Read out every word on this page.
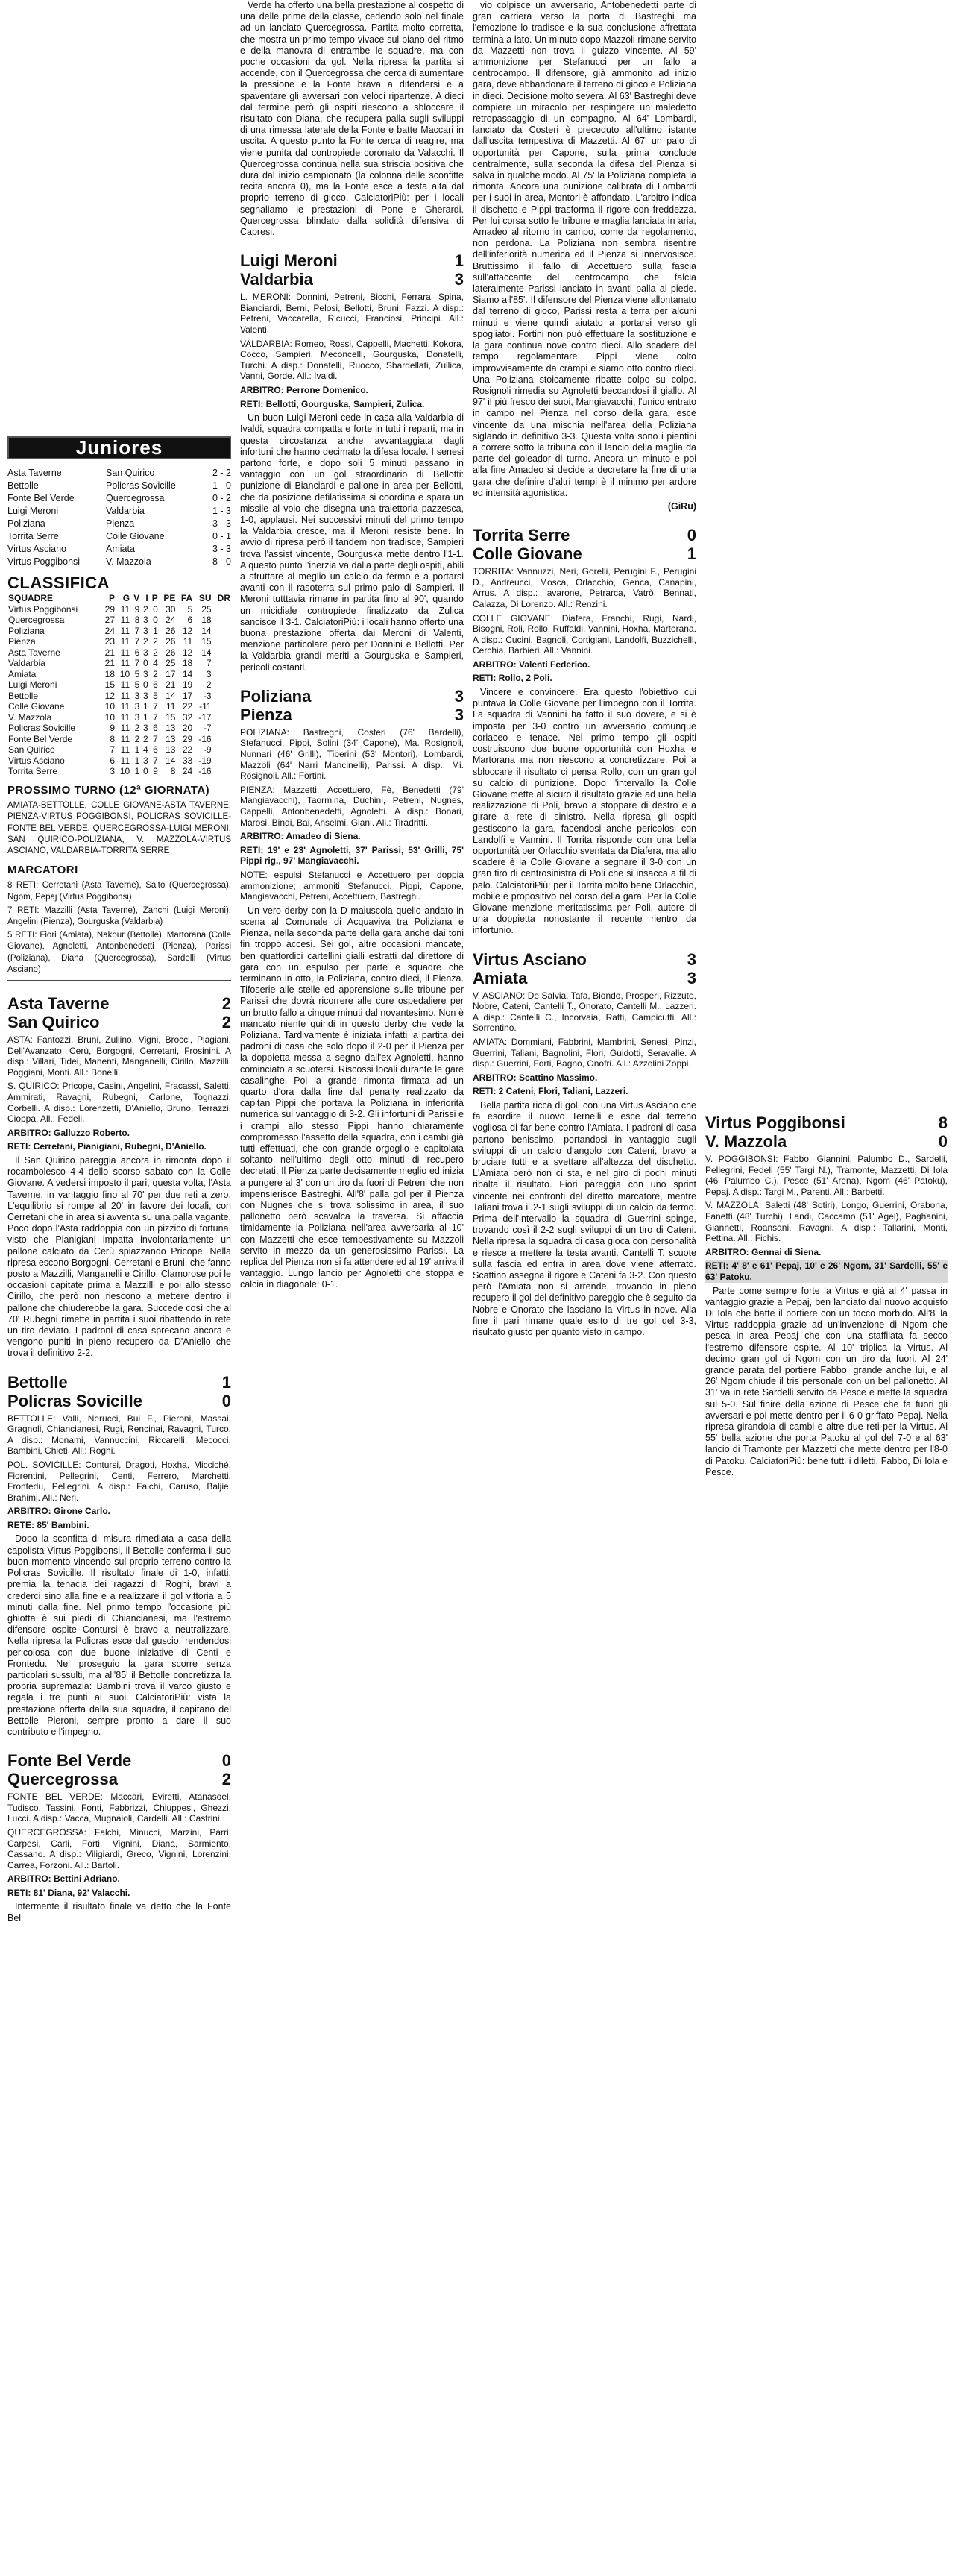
Juniores
Asta Taverne	San Quirico	2 - 2
Bettolle	Policras Sovicille	1 - 0
Fonte Bel Verde	Quercegrossa	0 - 2
Luigi Meroni	Valdarbia	1 - 3
Poliziana	Pienza	3 - 3
Torrita Serre	Colle Giovane	0 - 1
Virtus Asciano	Amiata	3 - 3
Virtus Poggibonsi	V. Mazzola	8 - 0
CLASSIFICA
SQUADRE	P	G	V	I	P	PE	FA	SU	DR
Virtus Poggibonsi	29	11	9	2	0	30	5	25	
Quercegrossa	27	11	8	3	0	24	6	18	
Poliziana	24	11	7	3	1	26	12	14	
Pienza	23	11	7	2	2	26	11	15	
Asta Taverne	21	11	6	3	2	26	12	14	
Valdarbia	21	11	7	0	4	25	18	7	
Amiata	18	10	5	3	2	17	14	3	
Luigi Meroni	15	11	5	0	6	21	19	2	
Bettolle	12	11	3	3	5	14	17	-3	
Colle Giovane	10	11	3	1	7	11	22	-11	
V. Mazzola	10	11	3	1	7	15	32	-17	
Policras Sovicille	9	11	2	3	6	13	20	-7	
Fonte Bel Verde	8	11	2	2	7	13	29	-16	
San Quirico	7	11	1	4	6	13	22	-9	
Virtus Asciano	6	11	1	3	7	14	33	-19	
Torrita Serre	3	10	1	0	9	8	24	-16	
PROSSIMO TURNO (12ª GIORNATA)

AMIATA-BETTOLLE, COLLE GIOVANE-ASTA TAVERNE, PIENZA-VIRTUS POGGIBONSI, POLICRAS SOVICILLE-FONTE BEL VERDE, QUERCEGROSSA-LUIGI MERONI, SAN QUIRICO-POLIZIANA, V. MAZZOLA-VIRTUS ASCIANO, VALDARBIA-TORRITA SERRE

MARCATORI

8 RETI: Cerretani (Asta Taverne), Salto (Quercegrossa), Ngom, Pepaj (Virtus Poggibonsi)

7 RETI: Mazzilli (Asta Taverne), Zanchi (Luigi Meroni), Angelini (Pienza), Gourguska (Valdarbia)

5 RETI: Fiori (Amiata), Nakour (Bettolle), Martorana (Colle Giovane), Agnoletti, Antonbenedetti (Pienza), Parissi (Poliziana), Diana (Quercegrossa), Sardelli (Virtus Asciano)

Asta Taverne	2
San Quirico	2

ASTA: Fantozzi, Bruni, Zullino, Vigni, Brocci, Plagiani, Dell'Avanzato, Cerù, Borgogni, Cerretani, Frosinini. A disp.: Villari, Tidei, Manenti, Manganelli, Cirillo, Mazzilli, Poggiani, Monti. All.: Bonelli.

S. QUIRICO: Pricope, Casini, Angelini, Fracassi, Saletti, Ammirati, Ravagni, Rubegni, Carlone, Tognazzi, Corbelli. A disp.: Lorenzetti, D'Aniello, Bruno, Terrazzi, Cioppa. All.: Fedeli.

ARBITRO: Galluzzo Roberto.

RETI: Cerretani, Pianigiani, Rubegni, D'Aniello.

Il San Quirico pareggia ancora in rimonta dopo il rocambolesco 4-4 dello scorso sabato con la Colle Giovane. A vedersi imposto il pari, questa volta, l'Asta Taverne, in vantaggio fino al 70' per due reti a zero. L'equilibrio si rompe al 20' in favore dei locali, con Cerretani che in area si avventa su una palla vagante. Poco dopo l'Asta raddoppia con un pizzico di fortuna, visto che Pianigiani impatta involontariamente un pallone calciato da Cerù spiazzando Pricope. Nella ripresa escono Borgogni, Cerretani e Bruni, che fanno posto a Mazzilli, Manganelli e Cirillo. Clamorose poi le occasioni capitate prima a Mazzilli e poi allo stesso Cirillo, che però non riescono a mettere dentro il pallone che chiuderebbe la gara. Succede così che al 70' Rubegni rimette in partita i suoi ribattendo in rete un tiro deviato. I padroni di casa sprecano ancora e vengono puniti in pieno recupero da D'Aniello che trova il definitivo 2-2.

Bettolle	1
Policras Sovicille	0

BETTOLLE: Valli, Nerucci, Bui F., Pieroni, Massai, Gragnoli, Chiancianesi, Rugi, Rencinai, Ravagni, Turco. A disp.: Monami, Vannuccini, Riccarelli, Mecocci, Bambini, Chieti. All.: Roghi.

POL. SOVICILLE: Contursi, Dragoti, Hoxha, Micciché, Fiorentini, Pellegrini, Centi, Ferrero, Marchetti, Frontedu, Pellegrini. A disp.: Falchi, Caruso, Baljie, Brahimi. All.: Neri.

ARBITRO: Girone Carlo.

RETE: 85' Bambini.

Dopo la sconfitta di misura rimediata a casa della capolista Virtus Poggibonsi, il Bettolle conferma il suo buon momento vincendo sul proprio terreno contro la Policras Sovicille. Il risultato finale di 1-0, infatti, premia la tenacia dei ragazzi di Roghi, bravi a crederci sino alla fine e a realizzare il gol vittoria a 5 minuti dalla fine. Nel primo tempo l'occasione più ghiotta è sui piedi di Chiancianesi, ma l'estremo difensore ospite Contursi è bravo a neutralizzare. Nella ripresa la Policras esce dal guscio, rendendosi pericolosa con due buone iniziative di Centi e Frontedu. Nel proseguio la gara scorre senza particolari sussulti, ma all'85' il Bettolle concretizza la propria supremazia: Bambini trova il varco giusto e regala i tre punti ai suoi. CalciatoriPiù: vista la prestazione offerta dalla sua squadra, il capitano del Bettolle Pieroni, sempre pronto a dare il suo contributo e l'impegno.

Fonte Bel Verde	0
Quercegrossa	2

FONTE BEL VERDE: Maccari, Eviretti, Atanasoel, Tudisco, Tassini, Fonti, Fabbrizzi, Chiuppesi, Ghezzi, Lucci. A disp.: Vacca, Mugnaioli, Cardelli. All.: Castrini.

QUERCEGROSSA: Falchi, Minucci, Marzini, Parri, Carpesi, Carli, Forti, Vignini, Diana, Sarmiento, Cassano. A disp.: Viligiardi, Greco, Vignini, Lorenzini, Carrea, Forzoni. All.: Bartoli.

ARBITRO: Bettini Adriano.

RETI: 81' Diana, 92' Valacchi.

Intermente il risultato finale va detto che la Fonte Bel

Verde ha offerto una bella prestazione al cospetto di una delle prime della classe, cedendo solo nel finale ad un lanciato Quercegrossa. Partita molto corretta, che mostra un primo tempo vivace sul piano del ritmo e della manovra di entrambe le squadre, ma con poche occasioni da gol. Nella ripresa la partita si accende, con il Quercegrossa che cerca di aumentare la pressione e la Fonte brava a difendersi e a spaventare gli avversari con veloci ripartenze. A dieci dal termine però gli ospiti riescono a sbloccare il risultato con Diana, che recupera palla sugli sviluppi di una rimessa laterale della Fonte e batte Maccari in uscita. A questo punto la Fonte cerca di reagire, ma viene punita dal contropiede coronato da Valacchi. Il Quercegrossa continua nella sua striscia positiva che dura dal inizio campionato (la colonna delle sconfitte recita ancora 0), ma la Fonte esce a testa alta dal proprio terreno di gioco. CalciatoriPiù: per i locali segnaliamo le prestazioni di Pone e Gherardi. Quercegrossa blindato dalla solidità difensiva di Capresi.

Luigi Meroni	1
Valdarbia	3

L. MERONI: Donnini, Petreni, Bicchi, Ferrara, Spina, Bianciardi, Berni, Pelosi, Bellotti, Bruni, Fazzi. A disp.: Petreni, Vaccarella, Ricucci, Franciosi, Principi. All.: Valenti.

VALDARBIA: Romeo, Rossi, Cappelli, Machetti, Kokora, Cocco, Sampieri, Meconcelli, Gourguska, Donatelli, Turchi. A disp.: Donatelli, Ruocco, Sbardellati, Zullica, Vanni, Gorde. All.: Ivaldi.

ARBITRO: Perrone Domenico.

RETI: Bellotti, Gourguska, Sampieri, Zulica.

Un buon Luigi Meroni cede in casa alla Valdarbia di Ivaldi, squadra compatta e forte in tutti i reparti, ma in questa circostanza anche avvantaggiata dagli infortuni che hanno decimato la difesa locale. I senesi partono forte, e dopo soli 5 minuti passano in vantaggio con un gol straordinario di Bellotti: punizione di Bianciardi e pallone in area per Bellotti, che da posizione defilatissima si coordina e spara un missile al volo che disegna una traiettoria pazzesca, 1-0, applausi. Nei successivi minuti del primo tempo la Valdarbia cresce, ma il Meroni resiste bene. In avvio di ripresa però il tandem non tradisce, Sampieri trova l'assist vincente, Gourguska mette dentro l'1-1. A questo punto l'inerzia va dalla parte degli ospiti, abili a sfruttare al meglio un calcio da fermo e a portarsi avanti con il rasoterra sul primo palo di Sampieri. Il Meroni tutttavia rimane in partita fino al 90', quando un micidiale contropiede finalizzato da Zulica sancisce il 3-1. CalciatoriPiù: i locali hanno offerto una buona prestazione offerta dai Meroni di Valenti, menzione particolare però per Donnini e Bellotti. Per la Valdarbia grandi meriti a Gourguska e Sampieri, pericoli costanti.

Poliziana	3
Pienza	3

POLIZIANA: Bastreghi, Costeri (76' Bardelli), Stefanucci, Pippi, Solini (34' Capone), Ma. Rosignoli, Nunnari (46' Grilli), Tiberini (53' Montori), Lombardi, Mazzoli (64' Narri Mancinelli), Parissi. A disp.: Mi. Rosignoli. All.: Fortini.

PIENZA: Mazzetti, Accettuero, Fè, Benedetti (79' Mangiavacchi), Taormina, Duchini, Petreni, Nugnes, Cappelli, Antonbenedetti, Agnoletti. A disp.: Bonari, Marosi, Bindi, Bai, Anselmi, Giani. All.: Tiradritti.

ARBITRO: Amadeo di Siena.

RETI: 19' e 23' Agnoletti, 37' Parissi, 53' Grilli, 75' Pippi rig., 97' Mangiavacchi.

NOTE: espulsi Stefanucci e Accettuero per doppia ammonizione; ammoniti Stefanucci, Pippi, Capone, Mangiavacchi, Petreni, Accettuero, Bastreghi.

Un vero derby con la D maiuscola quello andato in scena al Comunale di Acquaviva tra Poliziana e Pienza, nella seconda parte della gara anche dai toni fin troppo accesi. Sei gol, altre occasioni mancate, ben quattordici cartellini gialli estratti dal direttore di gara con un espulso per parte e squadre che terminano in otto, la Poliziana, contro dieci, il Pienza. Tifoserie alle stelle ed apprensione sulle tribune per Parissi che dovrà ricorrere alle cure ospedaliere per un brutto fallo a cinque minuti dal novantesimo. Non è mancato niente quindi in questo derby che vede la Poliziana. Tardivamente è iniziata infatti la partita dei padroni di casa che solo dopo il 2-0 per il Pienza per la doppietta messa a segno dall'ex Agnoletti, hanno cominciato a scuotersi. Riscossi locali durante le gare casalinghe. Poi la grande rimonta firmata ad un quarto d'ora dalla fine dal penalty realizzato da capitan Pippi che portava la Poliziana in inferiorità numerica sul vantaggio di 3-2. Gli infortuni di Parissi e i crampi allo stesso Pippi hanno chiaramente compromesso l'assetto della squadra, con i cambi già tutti effettuati, che con grande orgoglio e capitolata soltanto nell'ultimo degli otto minuti di recupero decretati. Il Pienza parte decisamente meglio ed inizia a pungere al 3' con un tiro da fuori di Petreni che non impensierisce Bastreghi. All'8' palla gol per il Pienza con Nugnes che si trova solissimo in area, il suo pallonetto però scavalca la traversa. Si affaccia timidamente la Poliziana nell'area avversaria al 10' con Mazzetti che esce tempestivamente su Mazzoli servito in mezzo da un generosissimo Parissi. La replica del Pienza non si fa attendere ed al 19' arriva il vantaggio. Lungo lancio per Agnoletti che stoppa e calcia in diagonale: 0-1.

vio colpisce un avversario, Antobenedetti parte di gran carriera verso la porta di Bastreghi ma l'emozione lo tradisce e la sua conclusione affrettata termina a lato. Un minuto dopo Mazzoli rimane servito da Mazzetti non trova il guizzo vincente. Al 59' ammonizione per Stefanucci per un fallo a centrocampo. Il difensore, già ammonito ad inizio gara, deve abbandonare il terreno di gioco e Poliziana in dieci. Decisione molto severa. Al 63' Bastreghi deve compiere un miracolo per respingere un maledetto retropassaggio di un compagno. Al 64' Lombardi, lanciato da Costeri è preceduto all'ultimo istante dall'uscita tempestiva di Mazzetti. Al 67' un paio di opportunità per Capone, sulla prima conclude centralmente, sulla seconda la difesa del Pienza si salva in qualche modo. Al 75' la Poliziana completa la rimonta. Ancora una punizione calibrata di Lombardi per i suoi in area, Montori è affondato. L'arbitro indica il dischetto e Pippi trasforma il rigore con freddezza. Per lui corsa sotto le tribune e maglia lanciata in aria, Amadeo al ritorno in campo, come da regolamento, non perdona. La Poliziana non sembra risentire dell'inferiorità numerica ed il Pienza si innervosisce. Bruttissimo il fallo di Accettuero sulla fascia sull'attaccante del centrocampo che falcia lateralmente Parissi lanciato in avanti palla al piede. Siamo all'85'. Il difensore del Pienza viene allontanato dal terreno di gioco, Parissi resta a terra per alcuni minuti e viene quindi aiutato a portarsi verso gli spogliatoi. Fortini non può effettuare la sostituzione e la gara continua nove contro dieci. Allo scadere del tempo regolamentare Pippi viene colto improvvisamente da crampi e siamo otto contro dieci. Una Poliziana stoicamente ribatte colpo su colpo. Rosignoli rimedia su Agnoletti beccandosi il giallo. Al 97' il più fresco dei suoi, Mangiavacchi, l'unico entrato in campo nel Pienza nel corso della gara, esce vincente da una mischia nell'area della Poliziana siglando in definitivo 3-3. Questa volta sono i pientini a correre sotto la tribuna con il lancio della maglia da parte del goleador di turno. Ancora un minuto e poi alla fine Amadeo si decide a decretare la fine di una gara che definire d'altri tempi è il minimo per ardore ed intensità agonistica.

(GiRu)

Torrita Serre	0
Colle Giovane	1

TORRITA: Vannuzzi, Neri, Gorelli, Perugini F., Perugini D., Andreucci, Mosca, Orlacchio, Genca, Canapini, Arrus. A disp.: lavarone, Petrarca, Vatrò, Bennati, Calazza, Di Lorenzo. All.: Renzini.

COLLE GIOVANE: Diafera, Franchi, Rugi, Nardi, Bisogni, Roli, Rollo, Ruffaldi, Vannini, Hoxha, Martorana. A disp.: Cucini, Bagnoli, Cortigiani, Landolfi, Buzzichelli, Cerchia, Barbieri. All.: Vannini.

ARBITRO: Valenti Federico.

RETI: Rollo, 2 Poli.

Vincere e convincere. Era questo l'obiettivo cui puntava la Colle Giovane per l'impegno con il Torrita. La squadra di Vannini ha fatto il suo dovere, e si è imposta per 3-0 contro un avversario comunque coriaceo e tenace. Nel primo tempo gli ospiti costruiscono due buone opportunità con Hoxha e Martorana ma non riescono a concretizzare. Poi a sbloccare il risultato ci pensa Rollo, con un gran gol su calcio di punizione. Dopo l'intervallo la Colle Giovane mette al sicuro il risultato grazie ad una bella realizzazione di Poli, bravo a stoppare di destro e a girare a rete di sinistro. Nella ripresa gli ospiti gestiscono la gara, facendosi anche pericolosi con Landolfi e Vannini. Il Torrita risponde con una bella opportunità per Orlacchio sventata da Diafera, ma allo scadere è la Colle Giovane a segnare il 3-0 con un gran tiro di centrosinistra di Poli che si insacca a fil di palo. CalciatoriPiù: per il Torrita molto bene Orlacchio, mobile e propositivo nel corso della gara. Per la Colle Giovane menzione meritatissima per Poli, autore di una doppietta nonostante il recente rientro da infortunio.

Virtus Asciano	3
Amiata	3

V. ASCIANO: De Salvia, Tafa, Biondo, Prosperi, Rizzuto, Nobre, Cateni, Cantelli T., Onorato, Cantelli M., Lazzeri. A disp.: Cantelli C., Incorvaia, Ratti, Campicutti. All.: Sorrentino.

AMIATA: Dommiani, Fabbrini, Mambrini, Senesi, Pinzi, Guerrini, Taliani, Bagnolini, Flori, Guidotti, Seravalle. A disp.: Guerrini, Forti, Bagno, Onofri. All.: Azzolini Zoppi.

ARBITRO: Scattino Massimo.

RETI: 2 Cateni, Flori, Taliani, Lazzeri.

Bella partita ricca di gol, con una Virtus Asciano che fa esordire il nuovo Ternelli e esce dal terreno vogliosa di far bene contro l'Amiata. I padroni di casa partono benissimo, portandosi in vantaggio sugli sviluppi di un calcio d'angolo con Cateni, bravo a bruciare tutti e a svettare all'altezza del dischetto. L'Amiata però non ci sta, e nel giro di pochi minuti ribalta il risultato. Fiori pareggia con uno sprint vincente nei confronti del diretto marcatore, mentre Taliani trova il 2-1 sugli sviluppi di un calcio da fermo. Prima dell'intervallo la squadra di Guerrini spinge, trovando così il 2-2 sugli sviluppi di un tiro di Cateni. Nella ripresa la squadra di casa gioca con personalità e riesce a mettere la testa avanti. Cantelli T. scuote sulla fascia ed entra in area dove viene atterrato. Scattino assegna il rigore e Cateni fa 3-2. Con questo però l'Amiata non si arrende, trovando in pieno recupero il gol del definitivo pareggio che è seguito da Nobre e Onorato che lasciano la Virtus in nove. Alla fine il pari rimane quale esito di tre gol del 3-3, risultato giusto per quanto visto in campo.

Virtus Poggibonsi	8
V. Mazzola	0

V. POGGIBONSI: Fabbo, Giannini, Palumbo D., Sardelli, Pellegrini, Fedeli (55' Targi N.), Tramonte, Mazzetti, Di Iola (46' Palumbo C.), Pesce (51' Arena), Ngom (46' Patoku), Pepaj. A disp.: Targi M., Parenti. All.: Barbetti.

V. MAZZOLA: Saletti (48' Sotiri), Longo, Guerrini, Orabona, Fanetti (48' Turchi), Landi, Caccamo (51' Agei), Paghanini, Giannetti, Roansani, Ravagni. A disp.: Tallarini, Monti, Pettina. All.: Fichis.

ARBITRO: Gennai di Siena.

RETI: 4' 8' e 61' Pepaj, 10' e 26' Ngom, 31' Sardelli, 55' e 63' Patoku.

Parte come sempre forte la Virtus e già al 4' passa in vantaggio grazie a Pepaj, ben lanciato dal nuovo acquisto Di Iola che batte il portiere con un tocco morbido. All'8' la Virtus raddoppia grazie ad un'invenzione di Ngom che pesca in area Pepaj che con una staffilata fa secco l'estremo difensore ospite. Al 10' triplica la Virtus. Al decimo gran gol di Ngom con un tiro da fuori. Al 24' grande parata del portiere Fabbo, grande anche lui, e al 26' Ngom chiude il tris personale con un bel pallonetto. Al 31' va in rete Sardelli servito da Pesce e mette la squadra sul 5-0. Sul finire della azione di Pesce che fa fuori gli avversari e poi mette dentro per il 6-0 griffato Pepaj. Nella ripresa girandola di cambi e altre due reti per la Virtus. Al 55' bella azione che porta Patoku al gol del 7-0 e al 63' lancio di Tramonte per Mazzetti che mette dentro per l'8-0 di Patoku. CalciatoriPiù: bene tutti i diletti, Fabbo, Di Iola e Pesce.
